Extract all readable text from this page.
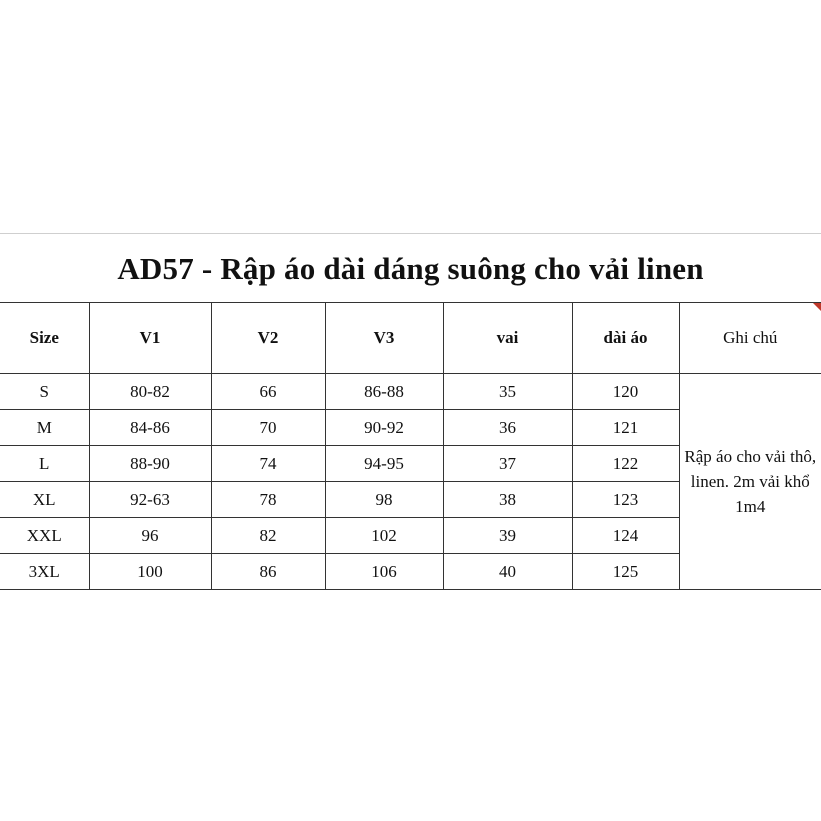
AD57 - Rập áo dài dáng suông cho vải linen
Size	V1	V2	V3	vai	dài áo	Ghi chú
S	80-82	66	86-88	35	120	Rập áo cho vải thô, linen. 2m vải khổ 1m4
M	84-86	70	90-92	36	121	
L	88-90	74	94-95	37	122	
XL	92-63	78	98	38	123	
XXL	96	82	102	39	124	
3XL	100	86	106	40	125	
